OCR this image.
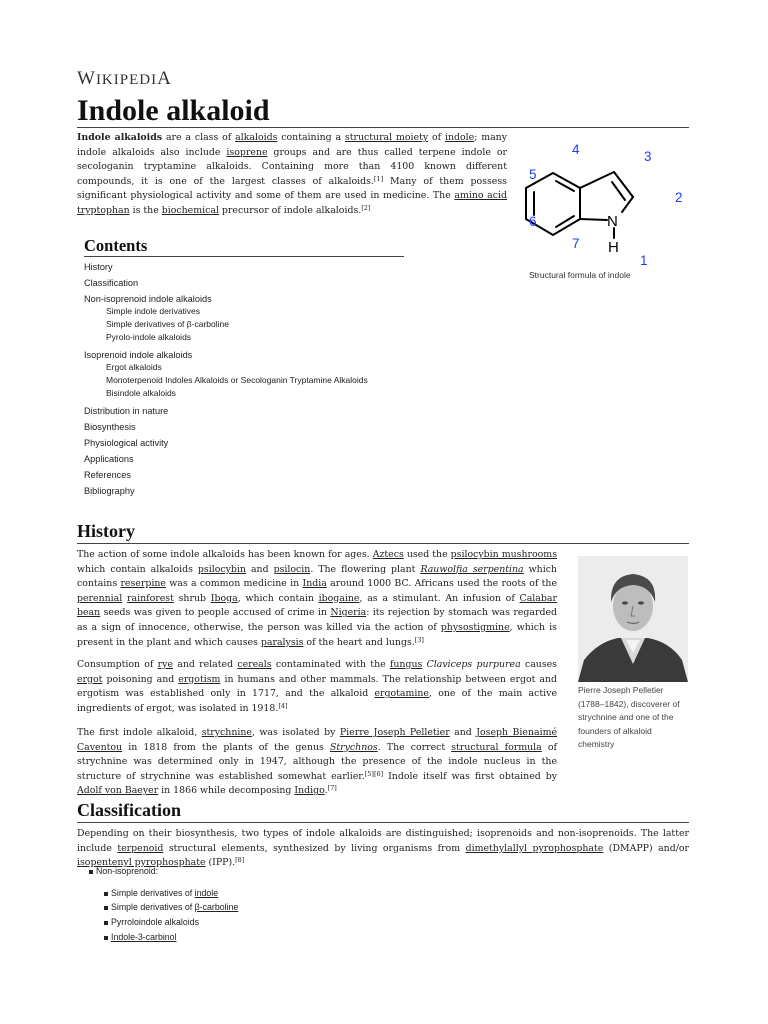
WIKIPEDIA
Indole alkaloid

Indole alkaloids are a class of alkaloids containing a structural moiety of indole; many indole alkaloids also include isoprene groups and are thus called terpene indole or secologanin tryptamine alkaloids. Containing more than 4100 known different compounds, it is one of the largest classes of alkaloids.[1] Many of them possess significant physiological activity and some of them are used in medicine. The amino acid tryptophan is the biochemical precursor of indole alkaloids.[2]

N
H
4	3
5
2
6
7
1
Structural formula of indole
Contents
History
Classification
Non-isoprenoid indole alkaloids
Simple indole derivatives
Simple derivatives of β-carboline
Pyrolo-indole alkaloids
Isoprenoid indole alkaloids
Ergot alkaloids
Monoterpenoid Indoles Alkaloids or Secologanin Tryptamine Alkaloids
Bisindole alkaloids
Distribution in nature
Biosynthesis
Physiological activity
Applications
References
Bibliography
History

The action of some indole alkaloids has been known for ages. Aztecs used the psilocybin mushrooms which contain alkaloids psilocybin and psilocin. The flowering plant Rauwolfia serpentina which contains reserpine was a common medicine in India around 1000 BC. Africans used the roots of the perennial rainforest shrub Iboga, which contain ibogaine, as a stimulant. An infusion of Calabar bean seeds was given to people accused of crime in Nigeria: its rejection by stomach was regarded as a sign of innocence, otherwise, the person was killed via the action of physostigmine, which is present in the plant and which causes paralysis of the heart and lungs.[3]

Consumption of rye and related cereals contaminated with the fungus Claviceps purpurea causes ergot poisoning and ergotism in humans and other mammals. The relationship between ergot and ergotism was established only in 1717, and the alkaloid ergotamine, one of the main active ingredients of ergot, was isolated in 1918.[4]

The first indole alkaloid, strychnine, was isolated by Pierre Joseph Pelletier and Joseph Bienaimé Caventou in 1818 from the plants of the genus Strychnos. The correct structural formula of strychnine was determined only in 1947, although the presence of the indole nucleus in the structure of strychnine was established somewhat earlier.[5][6] Indole itself was first obtained by Adolf von Baeyer in 1866 while decomposing Indigo.[7]

Pierre Joseph Pelletier (1788–1842), discoverer of strychnine and one of the founders of alkaloid chemistry
Classification

Depending on their biosynthesis, two types of indole alkaloids are distinguished; isoprenoids and non-isoprenoids. The latter include terpenoid structural elements, synthesized by living organisms from dimethylallyl pyrophosphate (DMAPP) and/or isopentenyl pyrophosphate (IPP).[8]

Non-isoprenoid:
Simple derivatives of indole
Simple derivatives of β-carboline
Pyrroloindole alkaloids
Indole-3-carbinol
